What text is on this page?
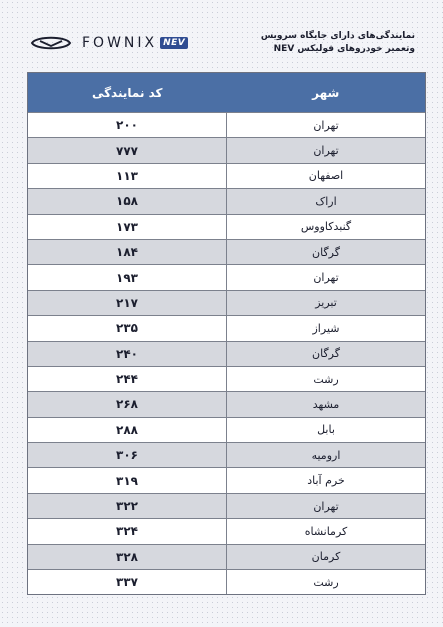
FOWNIX NEV
نمایندگی‌های دارای جایگاه سرویس
وتعمیر خودروهای فولیکس NEV
کد نمایندگی	شهر
۲۰۰	تهران
۷۷۷	تهران
۱۱۳	اصفهان
۱۵۸	اراک
۱۷۳	گنبدکاووس
۱۸۴	گرگان
۱۹۳	تهران
۲۱۷	تبریز
۲۳۵	شیراز
۲۴۰	گرگان
۲۴۴	رشت
۲۶۸	مشهد
۲۸۸	بابل
۳۰۶	ارومیه
۳۱۹	خرم آباد
۳۲۲	تهران
۳۲۴	کرمانشاه
۳۲۸	کرمان
۳۳۷	رشت
